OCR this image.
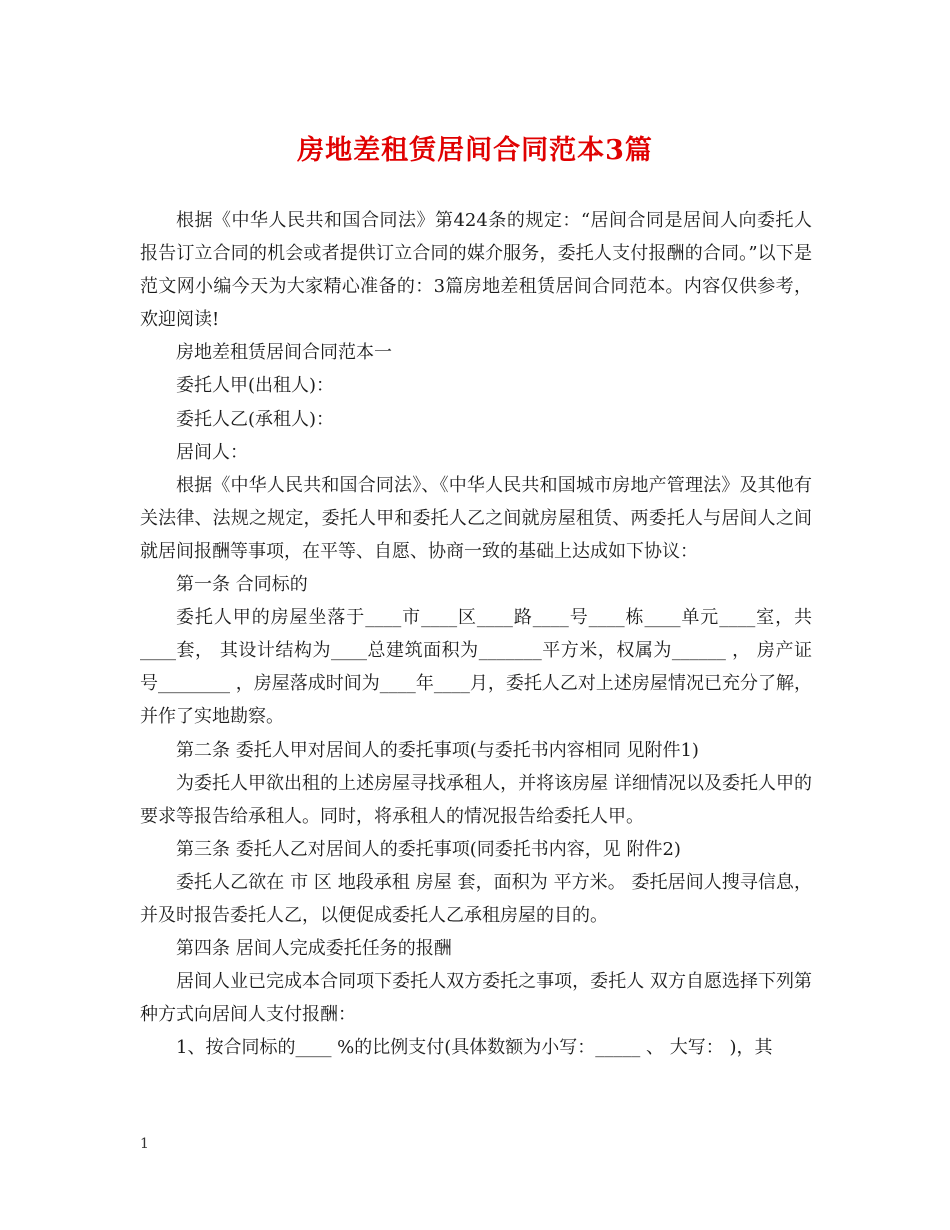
房地差租赁居间合同范本3篇

根据《中华人民共和国合同法》第424条的规定：“居间合同是居间人向委托人报告订立合同的机会或者提供订立合同的媒介服务，委托人支付报酬的合同。”以下是范文网小编今天为大家精心准备的：3篇房地差租赁居间合同范本。内容仅供参考，欢迎阅读!

房地差租赁居间合同范本一

委托人甲(出租人)：

委托人乙(承租人)：

居间人：

根据《中华人民共和国合同法》、《中华人民共和国城市房地产管理法》及其他有关法律、法规之规定，委托人甲和委托人乙之间就房屋租赁、两委托人与居间人之间就居间报酬等事项，在平等、自愿、协商一致的基础上达成如下协议：

第一条 合同标的

委托人甲的房屋坐落于____市____区____路____号____栋____单元____室，共____套， 其设计结构为____总建筑面积为_______平方米，权属为______ ， 房产证号________ ，房屋落成时间为____年____月，委托人乙对上述房屋情况已充分了解，并作了实地勘察。

第二条 委托人甲对居间人的委托事项(与委托书内容相同 见附件1)

为委托人甲欲出租的上述房屋寻找承租人，并将该房屋 详细情况以及委托人甲的要求等报告给承租人。同时，将承租人的情况报告给委托人甲。

第三条 委托人乙对居间人的委托事项(同委托书内容，见 附件2)

委托人乙欲在 市 区 地段承租 房屋 套，面积为 平方米。 委托居间人搜寻信息，并及时报告委托人乙，以便促成委托人乙承租房屋的目的。

第四条 居间人完成委托任务的报酬

居间人业已完成本合同项下委托人双方委托之事项，委托人 双方自愿选择下列第 种方式向居间人支付报酬：

1、按合同标的____ %的比例支付(具体数额为小写：_____ 、 大写： )，其

1
